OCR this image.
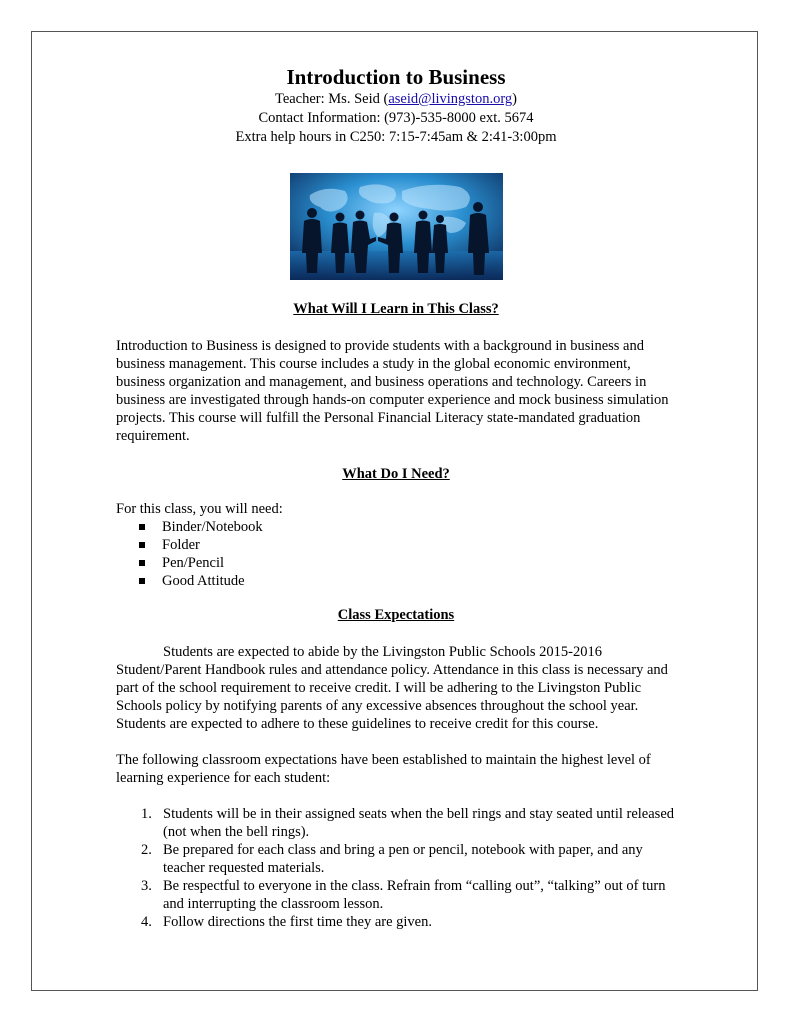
Introduction to Business

Teacher: Ms. Seid (aseid@livingston.org)

Contact Information: (973)-535-8000 ext. 5674

Extra help hours in C250: 7:15-7:45am & 2:41-3:00pm

What Will I Learn in This Class?

Introduction to Business is designed to provide students with a background in business and business management. This course includes a study in the global economic environment, business organization and management, and business operations and technology. Careers in business are investigated through hands-on computer experience and mock business simulation projects. This course will fulfill the Personal Financial Literacy state-mandated graduation requirement.

What Do I Need?

For this class, you will need:

Binder/Notebook
Folder
Pen/Pencil
Good Attitude
Class Expectations

Students are expected to abide by the Livingston Public Schools 2015-2016 Student/Parent Handbook rules and attendance policy. Attendance in this class is necessary and part of the school requirement to receive credit. I will be adhering to the Livingston Public Schools policy by notifying parents of any excessive absences throughout the school year. Students are expected to adhere to these guidelines to receive credit for this course.

The following classroom expectations have been established to maintain the highest level of learning experience for each student:

1. Students will be in their assigned seats when the bell rings and stay seated until released (not when the bell rings).
2. Be prepared for each class and bring a pen or pencil, notebook with paper, and any teacher requested materials.
3. Be respectful to everyone in the class. Refrain from “calling out”, “talking” out of turn and interrupting the classroom lesson.
4. Follow directions the first time they are given.
